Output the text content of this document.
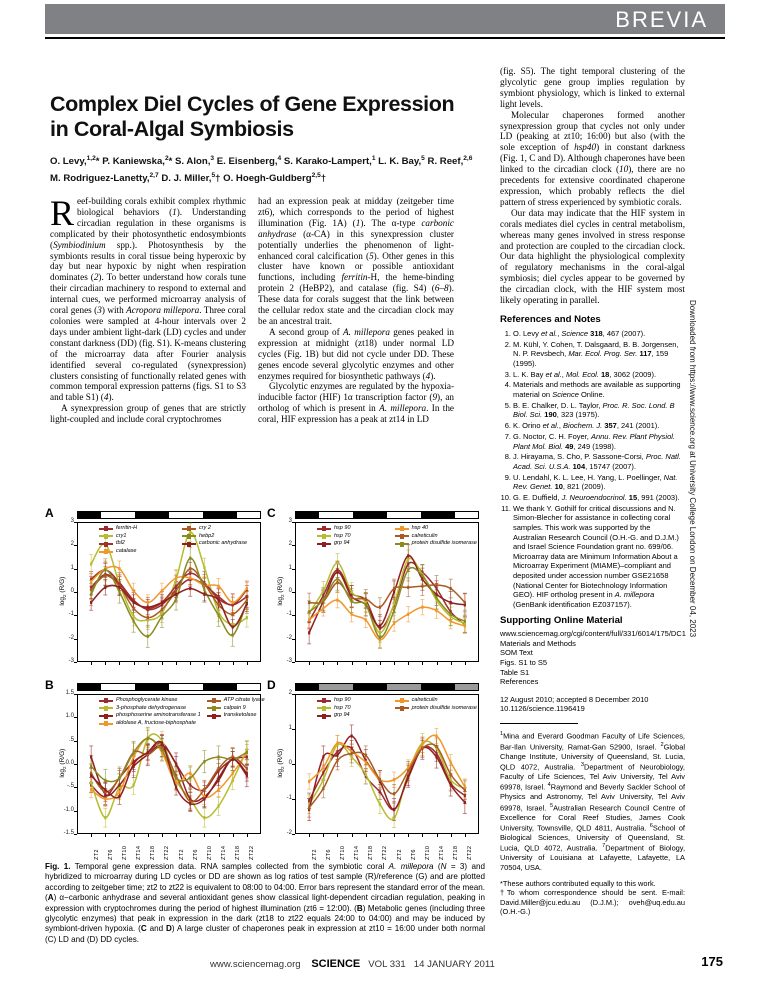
BREVIA
Complex Diel Cycles of Gene Expression
in Coral-Algal Symbiosis
O. Levy,$^{1,2}$* P. Kaniewska,$^2$* S. Alon,$^3$ E. Eisenberg,$^4$ S. Karako-Lampert,$^1$ L. K. Bay,$^5$ R. Reef,$^{2,6}$
M. Rodriguez-Lanetty,$^{2,7}$ D. J. Miller,$^5$† O. Hoegh-Guldberg$^{2,5}$†

Reef-building corals exhibit complex rhythmic biological behaviors (1). Understanding circadian regulation in these organisms is complicated by their photosynthetic endosymbionts (Symbiodinium spp.). Photosynthesis by the symbionts results in coral tissue being hyperoxic by day but near hypoxic by night when respiration dominates (2). To better understand how corals tune their circadian machinery to respond to external and internal cues, we performed microarray analysis of coral genes (3) with Acropora millepora. Three coral colonies were sampled at 4-hour intervals over 2 days under ambient light-dark (LD) cycles and under constant darkness (DD) (fig. S1). K-means clustering of the microarray data after Fourier analysis identified several co-regulated (synexpression) clusters consisting of functionally related genes with common temporal expression patterns (figs. S1 to S3 and table S1) (4).

A synexpression group of genes that are strictly light-coupled and include coral cryptochromes

had an expression peak at midday (zeitgeber time zt6), which corresponds to the period of highest illumination (Fig. 1A) (1). The α-type carbonic anhydrase (α-CA) in this synexpression cluster potentially underlies the phenomenon of light-enhanced coral calcification (5). Other genes in this cluster have known or possible antioxidant functions, including ferritin-H, the heme-binding protein 2 (HeBP2), and catalase (fig. S4) (6–8). These data for corals suggest that the link between the cellular redox state and the circadian clock may be an ancestral trait.

A second group of A. millepora genes peaked in expression at midnight (zt18) under normal LD cycles (Fig. 1B) but did not cycle under DD. These genes encode several glycolytic enzymes and other enzymes required for biosynthetic pathways (4).

Glycolytic enzymes are regulated by the hypoxia-inducible factor (HIF) 1α transcription factor (9), an ortholog of which is present in A. millepora. In the coral, HIF expression has a peak at zt14 in LD

(fig. S5). The tight temporal clustering of the glycolytic gene group implies regulation by symbiont physiology, which is linked to external light levels.

Molecular chaperones formed another synexpression group that cycles not only under LD (peaking at zt10; 16:00) but also (with the sole exception of hsp40) in constant darkness (Fig. 1, C and D). Although chaperones have been linked to the circadian clock (10), there are no precedents for extensive coordinated chaperone expression, which probably reflects the diel pattern of stress experienced by symbiotic corals.

Our data may indicate that the HIF system in corals mediates diel cycles in central metabolism, whereas many genes involved in stress response and protection are coupled to the circadian clock. Our data highlight the physiological complexity of regulatory mechanisms in the coral-algal symbiosis; diel cycles appear to be governed by the circadian clock, with the HIF system most likely operating in parallel.

References and Notes
1. O. Levy et al., Science 318, 467 (2007).
2. M. Kühl, Y. Cohen, T. Dalsgaard, B. B. Jorgensen, N. P. Revsbech, Mar. Ecol. Prog. Ser. 117, 159 (1995).
3. L. K. Bay et al., Mol. Ecol. 18, 3062 (2009).
4. Materials and methods are available as supporting material on Science Online.
5. B. E. Chalker, D. L. Taylor, Proc. R. Soc. Lond. B Biol. Sci. 190, 323 (1975).
6. K. Orino et al., Biochem. J. 357, 241 (2001).
7. G. Noctor, C. H. Foyer, Annu. Rev. Plant Physiol. Plant Mol. Biol. 49, 249 (1998).
8. J. Hirayama, S. Cho, P. Sassone-Corsi, Proc. Natl. Acad. Sci. U.S.A. 104, 15747 (2007).
9. U. Lendahl, K. L. Lee, H. Yang, L. Poellinger, Nat. Rev. Genet. 10, 821 (2009).
10. G. E. Duffield, J. Neuroendocrinol. 15, 991 (2003).
11. We thank Y. Gothilf for critical discussions and N. Simon-Blecher for assistance in collecting coral samples. This work was supported by the Australian Research Council (O.H.-G. and D.J.M.) and Israel Science Foundation grant no. 699/06. Microarray data are Minimum Information About a Microarray Experiment (MIAME)–compliant and deposited under accession number GSE21658 (National Center for Biotechnology Information GEO). HIF ortholog present in A. millepora (GenBank identification EZ037157).
Supporting Online Material
www.sciencemag.org/cgi/content/full/331/6014/175/DC1
Materials and Methods
SOM Text
Figs. S1 to S5
Table S1
References
12 August 2010; accepted 8 December 2010
10.1126/science.1196419
$^1$Mina and Everard Goodman Faculty of Life Sciences, Bar-Ilan University, Ramat-Gan 52900, Israel. $^2$Global Change Institute, University of Queensland, St. Lucia, QLD 4072, Australia. $^3$Department of Neurobiology, Faculty of Life Sciences, Tel Aviv University, Tel Aviv 69978, Israel. $^4$Raymond and Beverly Sackler School of Physics and Astronomy, Tel Aviv University, Tel Aviv 69978, Israel. $^5$Australian Research Council Centre of Excellence for Coral Reef Studies, James Cook University, Townsville, QLD 4811, Australia. $^6$School of Biological Sciences, University of Queensland, St. Lucia, QLD 4072, Australia. $^7$Department of Biology, University of Louisiana at Lafayette, Lafayette, LA 70504, USA.
*These authors contributed equally to this work.
†To whom correspondence should be sent. E-mail: David.Miller@jcu.edu.au (D.J.M.); oveh@uq.edu.au (O.H.-G.)
Downloaded from https://www.science.org at University College London on December 04, 2023
A
$\log_2 (R/G)$
-3
-2
-1
0
1
2
3
ferritin-H
cry1
tbl2
catalase
cry 2
hebp2
carbonic anhydrase
B
$\log_2 (R/G)$
-1.5
-1.0
-.5
0.0
.5
1.0
1.5
ZT2 ZT6 ZT10 ZT14 ZT18 ZT22 ZT2 ZT6 ZT10 ZT14 ZT18 ZT22
Phosphoglycerate kinase
3-phosphate dehydrogenase
phosphoserine aminotransferase 1
aldolase A, fructose-biphosphate
ATP citrate lyase
calpain 9
transketolase
C
$\log_2 (R/G)$
-3
-2
-1
0
1
2
3
hsp 90
hsp 70
grp 94
hsp 40
calreticulin
protein disulfide isomerase
D
$\log_2 (R/G)$
-2
-1
0
1
2
ZT2 ZT6 ZT10 ZT14 ZT18 ZT22 ZT2 ZT6 ZT10 ZT14 ZT18 ZT22
hsp 90
hsp 70
grp 94
calreticulin
protein disulfide isomerase
Fig. 1. Temporal gene expression data. RNA samples collected from the symbiotic coral A. millepora (N = 3) and hybridized to microarray during LD cycles or DD are shown as log ratios of test sample (R)/reference (G) and are plotted according to zeitgeber time; zt2 to zt22 is equivalent to 08:00 to 04:00. Error bars represent the standard error of the mean. (A) α−carbonic anhydrase and several antioxidant genes show classical light-dependent circadian regulation, peaking in expression with cryptochromes during the period of highest illumination (zt6 = 12:00). (B) Metabolic genes (including three glycolytic enzymes) that peak in expression in the dark (zt18 to zt22 equals 24:00 to 04:00) and may be induced by symbiont-driven hypoxia. (C and D) A large cluster of chaperones peak in expression at zt10 = 16:00 under both normal (C) LD and (D) DD cycles.
www.sciencemag.org SCIENCE VOL 331 14 JANUARY 2011	175
